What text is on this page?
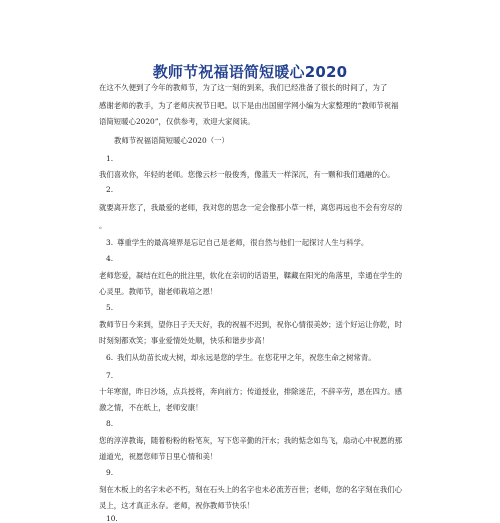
教师节祝福语简短暖心2020
在这不久便到了今年的教师节，为了这一刻的到来，我们已经准备了很长的时间了，为了
感谢老师的教手，为了老师庆祝节日吧。以下是由出国留学网小编为大家整理的“教师节祝福
语简短暖心2020”，仅供参考，欢迎大家阅读。
教师节祝福语简短暖心2020（一）
1.
我们喜欢你，年轻的老师。您像云杉一般俊秀，像蓝天一样深沉，有一颗和我们通融的心。
2.
就要离开您了，我最爱的老师，我对您的思念一定会像那小草一样，离您再远也不会有穷尽的
。
3. 尊重学生的最高境界是忘记自己是老师，很自然与他们一起探讨人生与科学。
4.
老师您爱，凝结在红色的批注里，软化在亲切的话语里，鞣藏在阳光的角落里，幸通在学生的
心灵里。教师节，谢老师栽培之恩！
5.
教师节日今来到，望你日子天天好，我的祝福不迟到，祝你心情很美妙；送个好运让你乾，时
时刻刻都欢笑；事业爱情处处顺，快乐和谐步步高！
6. 我们从幼苗长成大树，却永远是您的学生。在您花甲之年，祝您生命之树常青。
7.
十年寒窗，昨日沙场，点兵授将，奔向前方；传道授业，排除迷茫，不辞辛劳，恩在四方。感
激之情，不在纸上，老师安康！
8.
您的淳淳教诲，随着粉粉的粉笔灰，写下您辛勤的汗水；我的惦念如鸟飞，扇动心中祝愿的那
道道光，祝愿您师节日里心情和美！
9.
刻在木板上的名字未必不朽，刻在石头上的名字也未必流芳百世；老师，您的名字刻在我们心
灵上，这才真正永存。老师，祝你教师节快乐！
10.
